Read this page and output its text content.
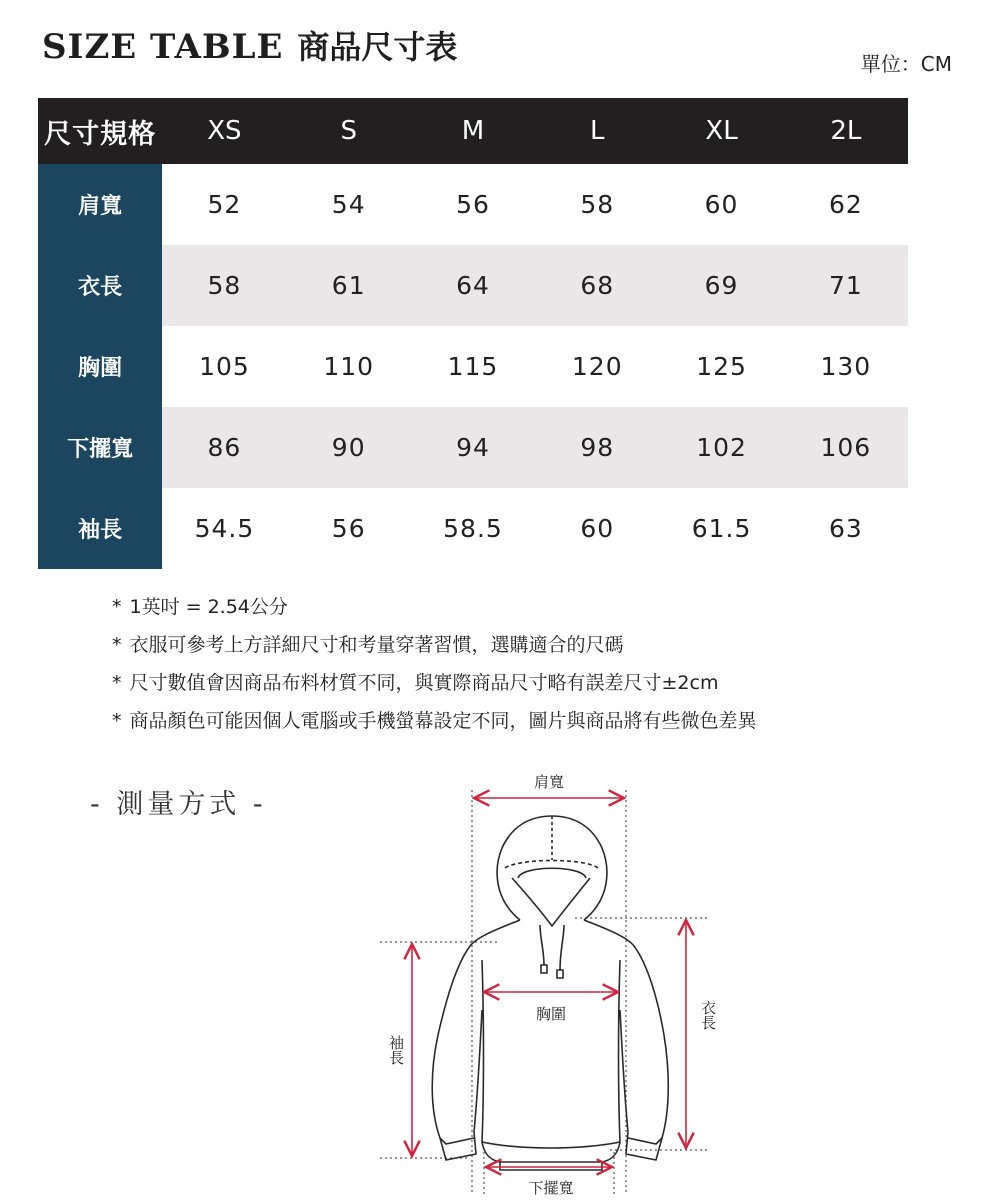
SIZE TABLE 商品尺寸表	單位：CM
尺寸規格	XS	S	M	L	XL	2L
肩寬	52	54	56	58	60	62
衣長	58	61	64	68	69	71
胸圍	105	110	115	120	125	130
下擺寬	86	90	94	98	102	106
袖長	54.5	56	58.5	60	61.5	63
* 1英吋 = 2.54公分
* 衣服可參考上方詳細尺寸和考量穿著習慣，選購適合的尺碼
* 尺寸數值會因商品布料材質不同，與實際商品尺寸略有誤差尺寸±2cm
* 商品顏色可能因個人電腦或手機螢幕設定不同，圖片與商品將有些微色差異
- 測量方式 -
肩寬
胸圍
袖長
衣長
下擺寬
